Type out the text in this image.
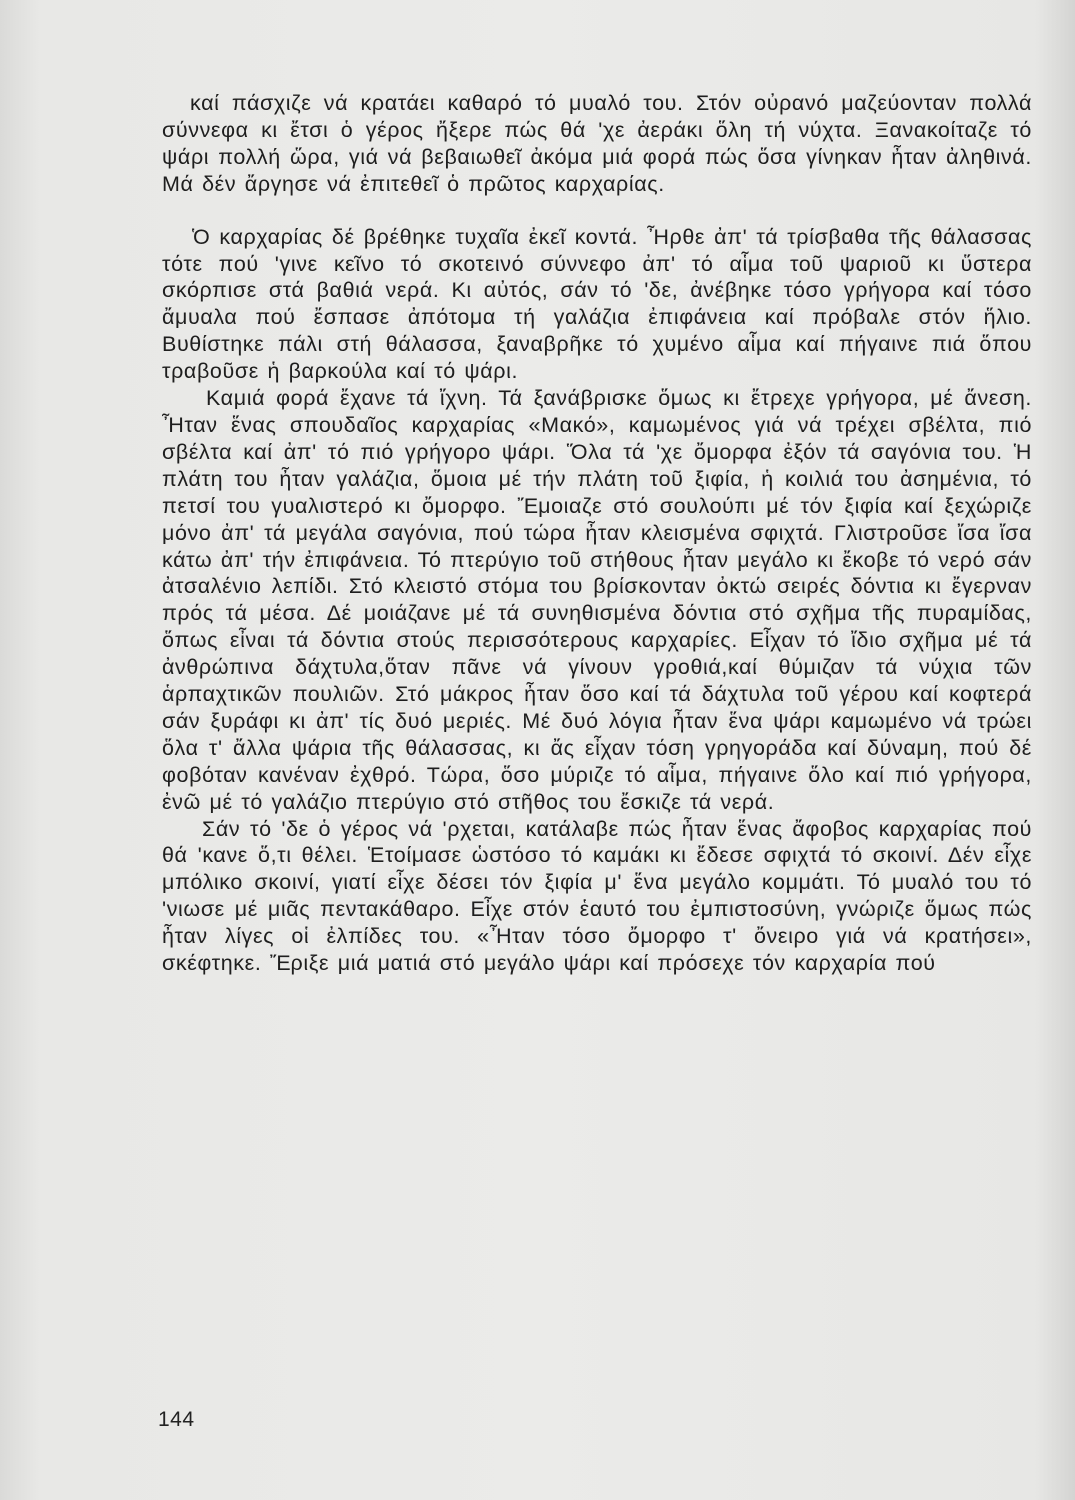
καί πάσχιζε νά κρατάει καθαρό τό μυαλό του. Στόν οὐρανό μαζεύονταν πολλά σύννεφα κι ἔτσι ὁ γέρος ἤξερε πώς θά 'χε ἀεράκι ὅλη τή νύχτα. Ξανακοίταζε τό ψάρι πολλή ὥρα, γιά νά βεβαιωθεῖ ἀκόμα μιά φορά πώς ὅσα γίνηκαν ἦταν ἀληθινά. Μά δέν ἄργησε νά ἐπιτεθεῖ ὁ πρῶτος καρχαρίας.

Ὁ καρχαρίας δέ βρέθηκε τυχαῖα ἐκεῖ κοντά. Ἦρθε ἀπ' τά τρίσβαθα τῆς θάλασσας τότε πού 'γινε κεῖνο τό σκοτεινό σύννεφο ἀπ' τό αἷμα τοῦ ψαριοῦ κι ὕστερα σκόρπισε στά βαθιά νερά. Κι αὐτός, σάν τό 'δε, ἀνέβηκε τόσο γρήγορα καί τόσο ἄμυαλα πού ἔσπασε ἀπότομα τή γαλάζια ἐπιφάνεια καί πρόβαλε στόν ἥλιο. Βυθίστηκε πάλι στή θάλασσα, ξαναβρῆκε τό χυμένο αἷμα καί πήγαινε πιά ὅπου τραβοῦσε ἡ βαρκούλα καί τό ψάρι.

Καμιά φορά ἔχανε τά ἴχνη. Τά ξανάβρισκε ὅμως κι ἔτρεχε γρήγορα, μέ ἄνεση. Ἦταν ἕνας σπουδαῖος καρχαρίας «Μακό», καμωμένος γιά νά τρέχει σβέλτα, πιό σβέλτα καί ἀπ' τό πιό γρήγορο ψάρι. Ὅλα τά 'χε ὄμορφα ἐξόν τά σαγόνια του. Ἡ πλάτη του ἦταν γαλάζια, ὅμοια μέ τήν πλάτη τοῦ ξιφία, ἡ κοιλιά του ἀσημένια, τό πετσί του γυαλιστερό κι ὄμορφο. Ἔμοιαζε στό σουλούπι μέ τόν ξιφία καί ξεχώριζε μόνο ἀπ' τά μεγάλα σαγόνια, πού τώρα ἦταν κλεισμένα σφιχτά. Γλιστροῦσε ἴσα ἴσα κάτω ἀπ' τήν ἐπιφάνεια. Τό πτερύγιο τοῦ στήθους ἦταν μεγάλο κι ἔκοβε τό νερό σάν ἀτσαλένιο λεπίδι. Στό κλειστό στόμα του βρίσκονταν ὀκτώ σειρές δόντια κι ἔγερναν πρός τά μέσα. Δέ μοιάζανε μέ τά συνηθισμένα δόντια στό σχῆμα τῆς πυραμίδας, ὅπως εἶναι τά δόντια στούς περισσότερους καρχαρίες. Εἶχαν τό ἴδιο σχῆμα μέ τά ἀνθρώπινα δάχτυλα,ὅταν πᾶνε νά γίνουν γροθιά,καί θύμιζαν τά νύχια τῶν ἁρπαχτικῶν πουλιῶν. Στό μάκρος ἦταν ὅσο καί τά δάχτυλα τοῦ γέρου καί κοφτερά σάν ξυράφι κι ἀπ' τίς δυό μεριές. Μέ δυό λόγια ἦταν ἕνα ψάρι καμωμένο νά τρώει ὅλα τ' ἄλλα ψάρια τῆς θάλασσας, κι ἄς εἶχαν τόση γρηγοράδα καί δύναμη, πού δέ φοβόταν κανέναν ἐχθρό. Τώρα, ὅσο μύριζε τό αἷμα, πήγαινε ὅλο καί πιό γρήγορα, ἐνῶ μέ τό γαλάζιο πτερύγιο στό στῆθος του ἔσκιζε τά νερά.

Σάν τό 'δε ὁ γέρος νά 'ρχεται, κατάλαβε πώς ἦταν ἕνας ἄφοβος καρχαρίας πού θά 'κανε ὅ,τι θέλει. Ἑτοίμασε ὡστόσο τό καμάκι κι ἔδεσε σφιχτά τό σκοινί. Δέν εἶχε μπόλικο σκοινί, γιατί εἶχε δέσει τόν ξιφία μ' ἕνα μεγάλο κομμάτι. Τό μυαλό του τό 'νιωσε μέ μιᾶς πεντακάθαρο. Εἶχε στόν ἑαυτό του ἐμπιστοσύνη, γνώριζε ὅμως πώς ἦταν λίγες οἱ ἐλπίδες του. «Ἦταν τόσο ὄμορφο τ' ὄνειρο γιά νά κρατήσει», σκέφτηκε. Ἔριξε μιά ματιά στό μεγάλο ψάρι καί πρόσεχε τόν καρχαρία πού

144
